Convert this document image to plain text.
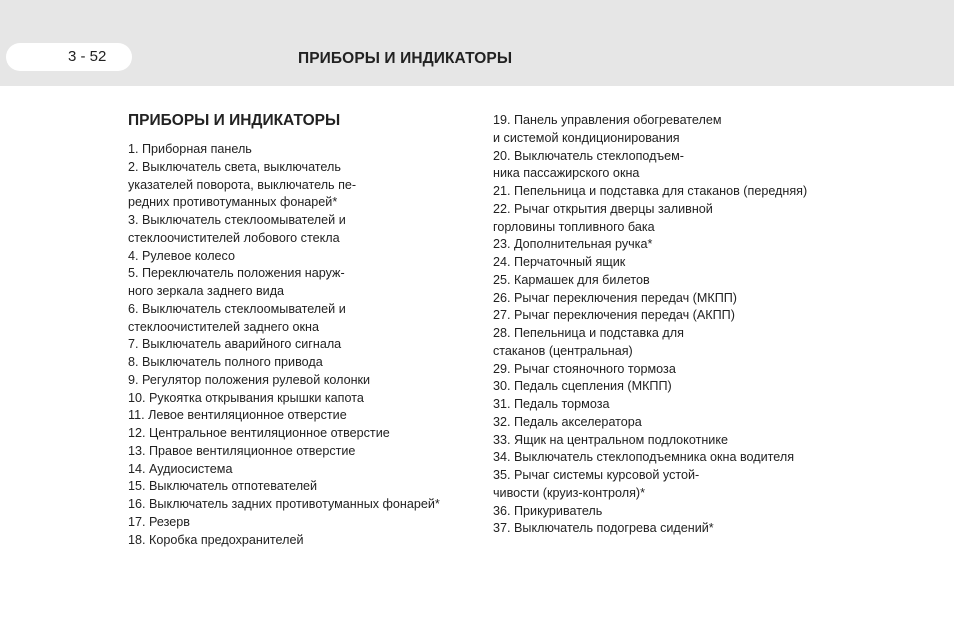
3 - 52	ПРИБОРЫ И ИНДИКАТОРЫ
ПРИБОРЫ И ИНДИКАТОРЫ
1. Приборная панель
2. Выключатель света, выключатель
указателей поворота, выключатель пе-
редних противотуманных фонарей*
3. Выключатель стеклоомывателей и
стеклоочистителей лобового стекла
4. Рулевое колесо
5. Переключатель положения наруж-
ного зеркала заднего вида
6. Выключатель стеклоомывателей и
стеклоочистителей заднего окна
7. Выключатель аварийного сигнала
8. Выключатель полного привода
9. Регулятор положения рулевой колонки
10. Рукоятка открывания крышки капота
11. Левое вентиляционное отверстие
12. Центральное вентиляционное отверстие
13. Правое вентиляционное отверстие
14. Аудиосистема
15. Выключатель отпотевателей
16. Выключатель задних противотуманных фонарей*
17. Резерв
18. Коробка предохранителей
19. Панель управления обогревателем
и системой кондиционирования
20. Выключатель стеклоподъем-
ника пассажирского окна
21. Пепельница и подставка для стаканов (передняя)
22. Рычаг открытия дверцы заливной
горловины топливного бака
23. Дополнительная ручка*
24. Перчаточный ящик
25. Кармашек для билетов
26. Рычаг переключения передач (МКПП)
27. Рычаг переключения передач (АКПП)
28. Пепельница и подставка для
стаканов (центральная)
29. Рычаг стояночного тормоза
30. Педаль сцепления (МКПП)
31. Педаль тормоза
32. Педаль акселератора
33. Ящик на центральном подлокотнике
34. Выключатель стеклоподъемника окна водителя
35. Рычаг системы курсовой устой-
чивости (круиз-контроля)*
36. Прикуриватель
37. Выключатель подогрева сидений*
